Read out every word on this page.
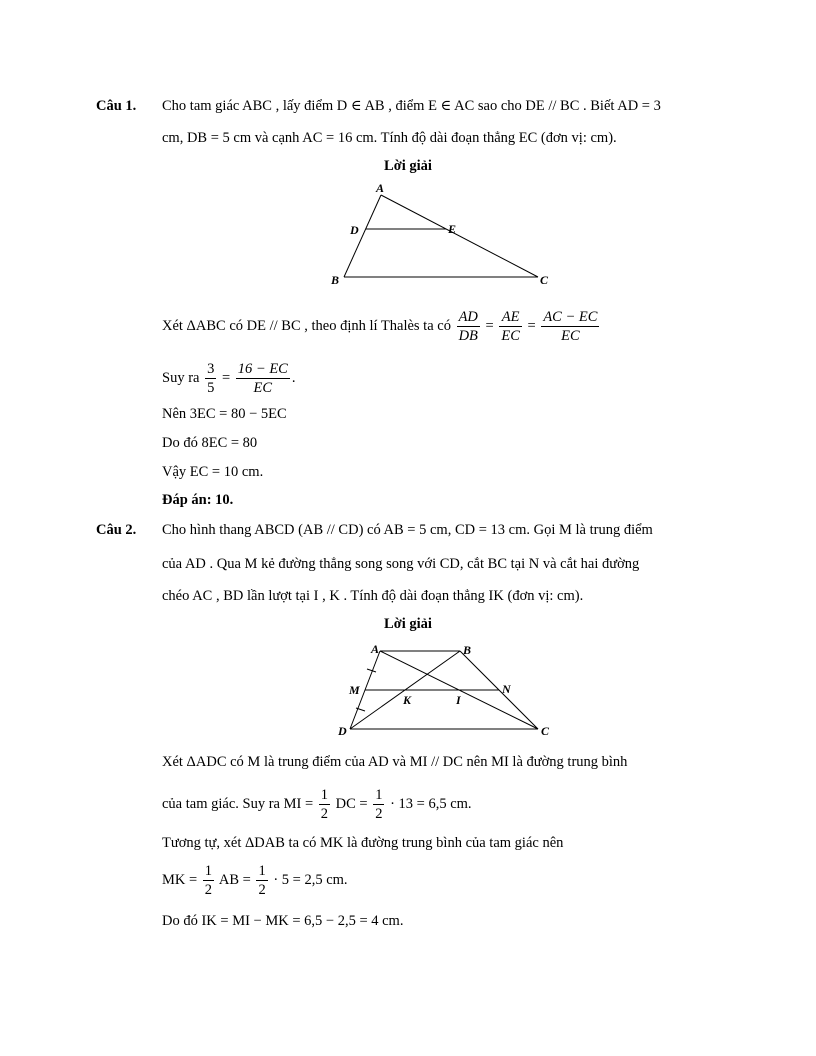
Câu 1. Cho tam giác ABC , lấy điểm D ∈ AB , điểm E ∈ AC sao cho DE // BC . Biết AD = 3
cm, DB = 5 cm và cạnh AC = 16 cm. Tính độ dài đoạn thẳng EC (đơn vị: cm).
Lời giải
A
D	E
B	C
Xét ΔABC có DE // BC , theo định lí Thalès ta có $\frac{AD}{DB} = \frac{AE}{EC} = \frac{AC - EC}{EC}$
Suy ra $\frac{3}{5} = \frac{16 - EC}{EC}$ .
Nên 3EC = 80 − 5EC
Do đó 8EC = 80
Vậy EC = 10 cm.
Đáp án: 10.
Câu 2. Cho hình thang ABCD (AB // CD) có AB = 5 cm, CD = 13 cm. Gọi M là trung điểm
của AD . Qua M kẻ đường thẳng song song với CD, cắt BC tại N và cắt hai đường
chéo AC , BD lần lượt tại I , K . Tính độ dài đoạn thẳng IK (đơn vị: cm).
Lời giải
A	B
M	N
K	I
D	C
Xét ΔADC có M là trung điểm của AD và MI // DC nên MI là đường trung bình
của tam giác. Suy ra MI = $\frac{1}{2}$ DC = $\frac{1}{2} \cdot 13 = 6,5$ cm.
Tương tự, xét ΔDAB ta có MK là đường trung bình của tam giác nên
MK = $\frac{1}{2}$ AB = $\frac{1}{2} \cdot 5 = 2,5$ cm.
Do đó IK = MI − MK = 6,5 − 2,5 = 4 cm.
